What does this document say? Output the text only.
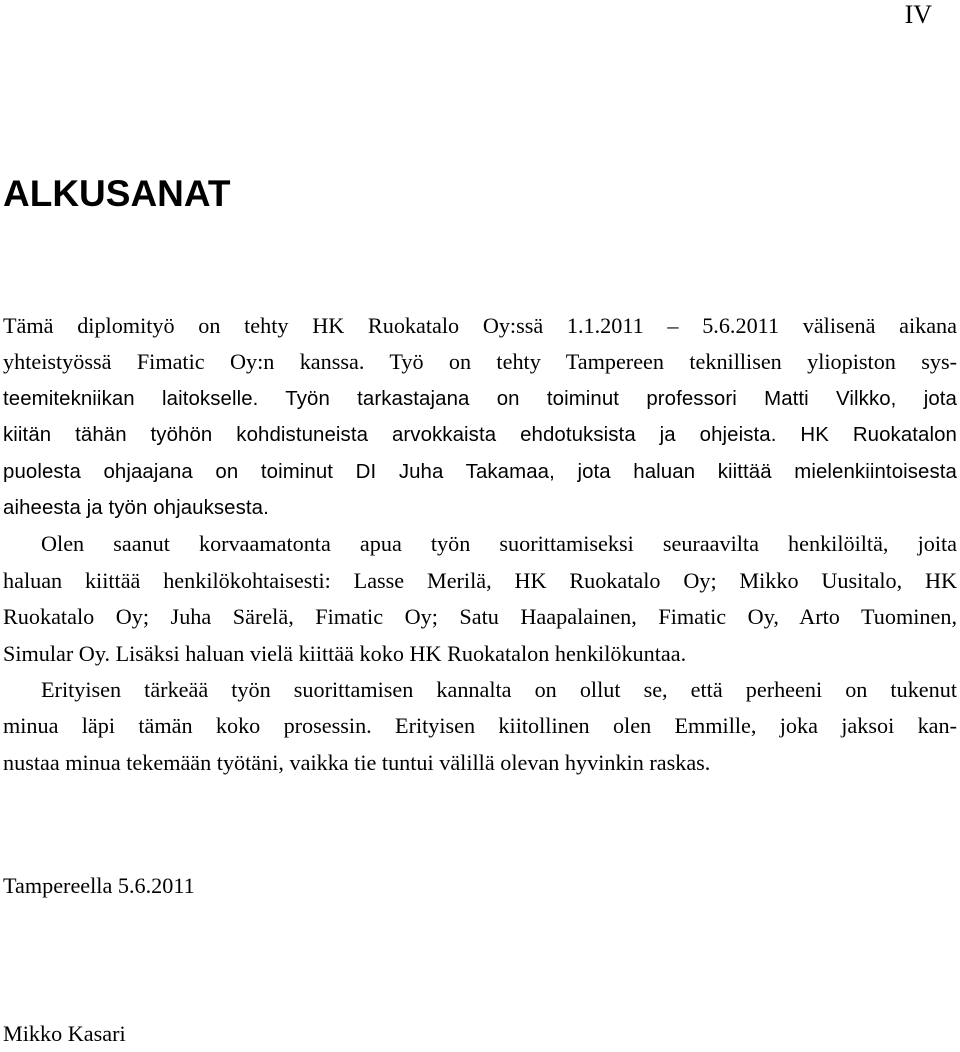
IV
ALKUSANAT
Tämä diplomityö on tehty HK Ruokatalo Oy:ssä 1.1.2011 – 5.6.2011 välisenä aikana
yhteistyössä Fimatic Oy:n kanssa. Työ on tehty Tampereen teknillisen yliopiston sys-
teemitekniikan laitokselle. Työn tarkastajana on toiminut professori Matti Vilkko, jota
kiitän tähän työhön kohdistuneista arvokkaista ehdotuksista ja ohjeista. HK Ruokatalon
puolesta ohjaajana on toiminut DI Juha Takamaa, jota haluan kiittää mielenkiintoisesta
aiheesta ja työn ohjauksesta.
Olen saanut korvaamatonta apua työn suorittamiseksi seuraavilta henkilöiltä, joita
haluan kiittää henkilökohtaisesti: Lasse Merilä, HK Ruokatalo Oy; Mikko Uusitalo, HK
Ruokatalo Oy; Juha Särelä, Fimatic Oy; Satu Haapalainen, Fimatic Oy, Arto Tuominen,
Simular Oy. Lisäksi haluan vielä kiittää koko HK Ruokatalon henkilökuntaa.
Erityisen tärkeää työn suorittamisen kannalta on ollut se, että perheeni on tukenut
minua läpi tämän koko prosessin. Erityisen kiitollinen olen Emmille, joka jaksoi kan-
nustaa minua tekemään työtäni, vaikka tie tuntui välillä olevan hyvinkin raskas.
Tampereella 5.6.2011
Mikko Kasari
